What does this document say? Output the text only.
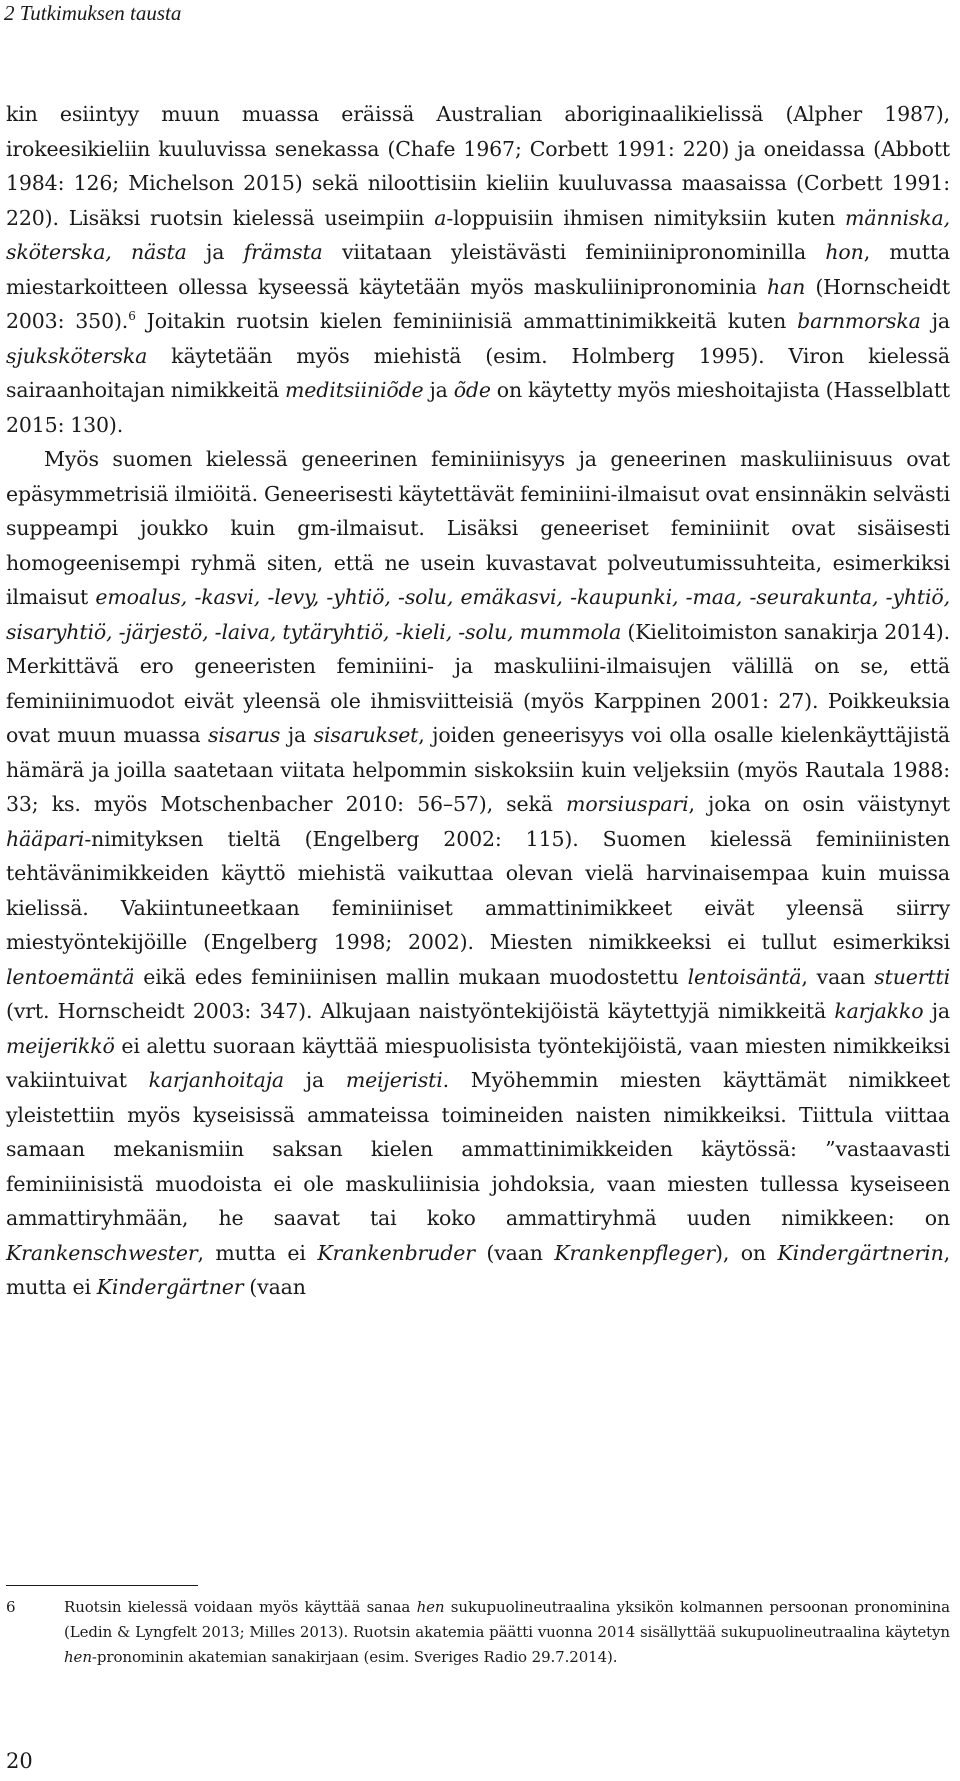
2 Tutkimuksen tausta

kin esiintyy muun muassa eräissä Australian aboriginaalikielissä (Alpher 1987), irokeesikieliin kuuluvissa senekassa (Chafe 1967; Corbett 1991: 220) ja oneidassa (Abbott 1984: 126; Michelson 2015) sekä niloottisiin kieliin kuuluvassa maasaissa (Corbett 1991: 220). Lisäksi ruotsin kielessä useimpiin a-loppuisiin ihmisen nimityksiin kuten människa, sköterska, nästa ja främsta viitataan yleistävästi feminiinipronominilla hon, mutta miestarkoitteen ollessa kyseessä käytetään myös maskuliinipronominia han (Hornscheidt 2003: 350).$^6$ Joitakin ruotsin kielen feminiinisiä ammattinimikkeitä kuten barnmorska ja sjuksköterska käytetään myös miehistä (esim. Holmberg 1995). Viron kielessä sairaanhoitajan nimikkeitä meditsiiniõde ja õde on käytetty myös mieshoitajista (Hasselblatt 2015: 130).

Myös suomen kielessä geneerinen feminiinisyys ja geneerinen maskuliinisuus ovat epäsymmetrisiä ilmiöitä. Geneerisesti käytettävät feminiini-ilmaisut ovat ensinnäkin selvästi suppeampi joukko kuin gm-ilmaisut. Lisäksi geneeriset feminiinit ovat sisäisesti homogeenisempi ryhmä siten, että ne usein kuvastavat polveutumissuhteita, esimerkiksi ilmaisut emoalus, -kasvi, -levy, -yhtiö, -solu, emäkasvi, -kaupunki, -maa, -seurakunta, -yhtiö, sisaryhtiö, -järjestö, -laiva, tytäryhtiö, -kieli, -solu, mummola (Kielitoimiston sanakirja 2014). Merkittävä ero geneeristen feminiini- ja maskuliini-ilmaisujen välillä on se, että feminiinimuodot eivät yleensä ole ihmisviitteisiä (myös Karppinen 2001: 27). Poikkeuksia ovat muun muassa sisarus ja sisarukset, joiden geneerisyys voi olla osalle kielenkäyttäjistä hämärä ja joilla saatetaan viitata helpommin siskoksiin kuin veljeksiin (myös Rautala 1988: 33; ks. myös Motschenbacher 2010: 56–57), sekä morsiuspari, joka on osin väistynyt hääpari-nimityksen tieltä (Engelberg 2002: 115). Suomen kielessä feminiinisten tehtävänimikkeiden käyttö miehistä vaikuttaa olevan vielä harvinaisempaa kuin muissa kielissä. Vakiintuneetkaan feminiiniset ammattinimikkeet eivät yleensä siirry miestyöntekijöille (Engelberg 1998; 2002). Miesten nimikkeeksi ei tullut esimerkiksi lentoemäntä eikä edes feminiinisen mallin mukaan muodostettu lentoisäntä, vaan stuertti (vrt. Hornscheidt 2003: 347). Alkujaan naistyöntekijöistä käytettyjä nimikkeitä karjakko ja meijerikkö ei alettu suoraan käyttää miespuolisista työntekijöistä, vaan miesten nimikkeiksi vakiintuivat karjanhoitaja ja meijeristi. Myöhemmin miesten käyttämät nimikkeet yleistettiin myös kyseisissä ammateissa toimineiden naisten nimikkeiksi. Tiittula viittaa samaan mekanismiin saksan kielen ammattinimikkeiden käytössä: ”vastaavasti feminiinisistä muodoista ei ole maskuliinisia johdoksia, vaan miesten tullessa kyseiseen ammattiryhmään, he saavat tai koko ammattiryhmä uuden nimikkeen: on Krankenschwester, mutta ei Krankenbruder (vaan Krankenpfleger), on Kindergärtnerin, mutta ei Kindergärtner (vaan

6	Ruotsin kielessä voidaan myös käyttää sanaa hen sukupuolineutraalina yksikön kolmannen persoonan pronominina (Ledin & Lyngfelt 2013; Milles 2013). Ruotsin akatemia päätti vuonna 2014 sisällyttää sukupuolineutraalina käytetyn hen-pronominin akatemian sanakirjaan (esim. Sveriges Radio 29.7.2014).
20
